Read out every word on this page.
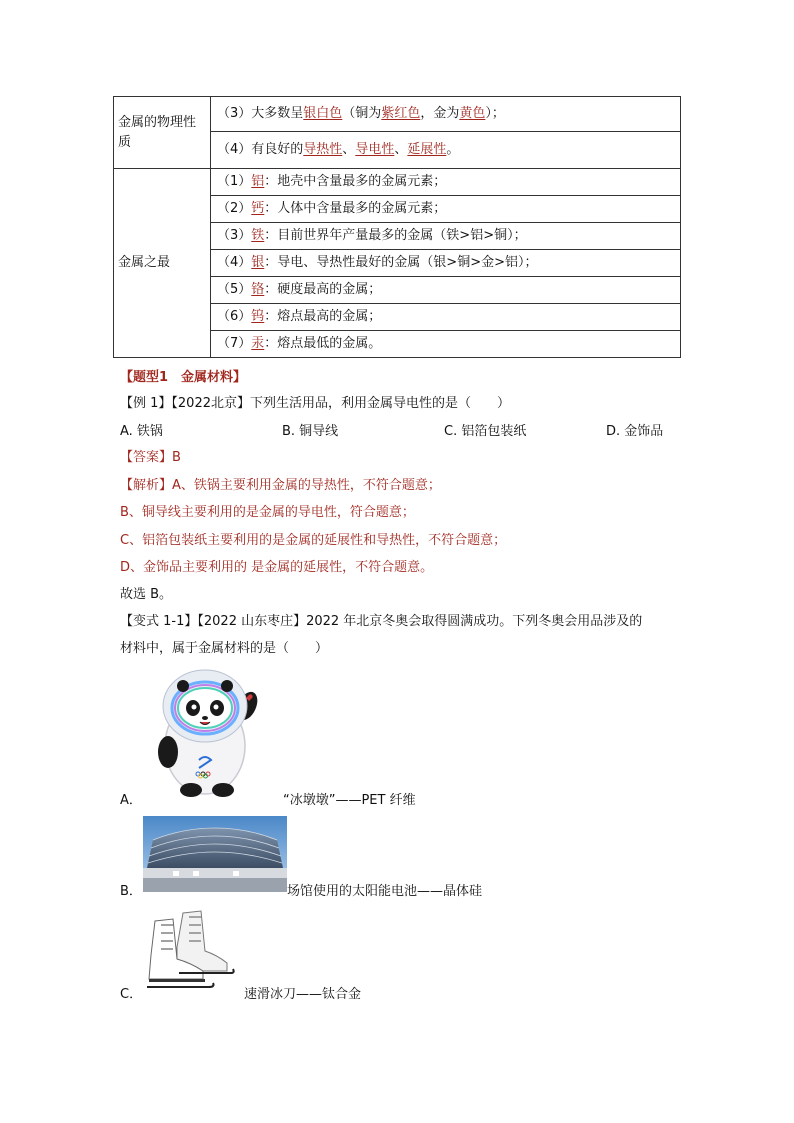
金属的物理性质	（3）大多数呈银白色（铜为紫红色，金为黄色）；
	（4）有良好的导热性、导电性、延展性。
金属之最	（1）铝：地壳中含量最多的金属元素；
	（2）钙：人体中含量最多的金属元素；
	（3）铁：目前世界年产量最多的金属（铁>铝>铜）；
	（4）银：导电、导热性最好的金属（银>铜>金>铝）；
	（5）铬：硬度最高的金属；
	（6）钨：熔点最高的金属；
	（7）汞：熔点最低的金属。
【题型1　金属材料】
【例 1】【2022北京】下列生活用品，利用金属导电性的是（　　）
A. 铁锅	B. 铜导线	C. 铝箔包装纸	D. 金饰品
【答案】B
【解析】A、铁锅主要利用金属的导热性，不符合题意；
B、铜导线主要利用的是金属的导电性，符合题意；
C、铝箔包装纸主要利用的是金属的延展性和导热性，不符合题意；
D、金饰品主要利用的 是金属的延展性，不符合题意。
故选 B。
【变式 1-1】【2022 山东枣庄】2022 年北京冬奥会取得圆满成功。下列冬奥会用品涉及的
材料中，属于金属材料的是（　　）
A．	“冰墩墩”——PET 纤维
B．	场馆使用的太阳能电池——晶体硅
C．	速滑冰刀——钛合金
